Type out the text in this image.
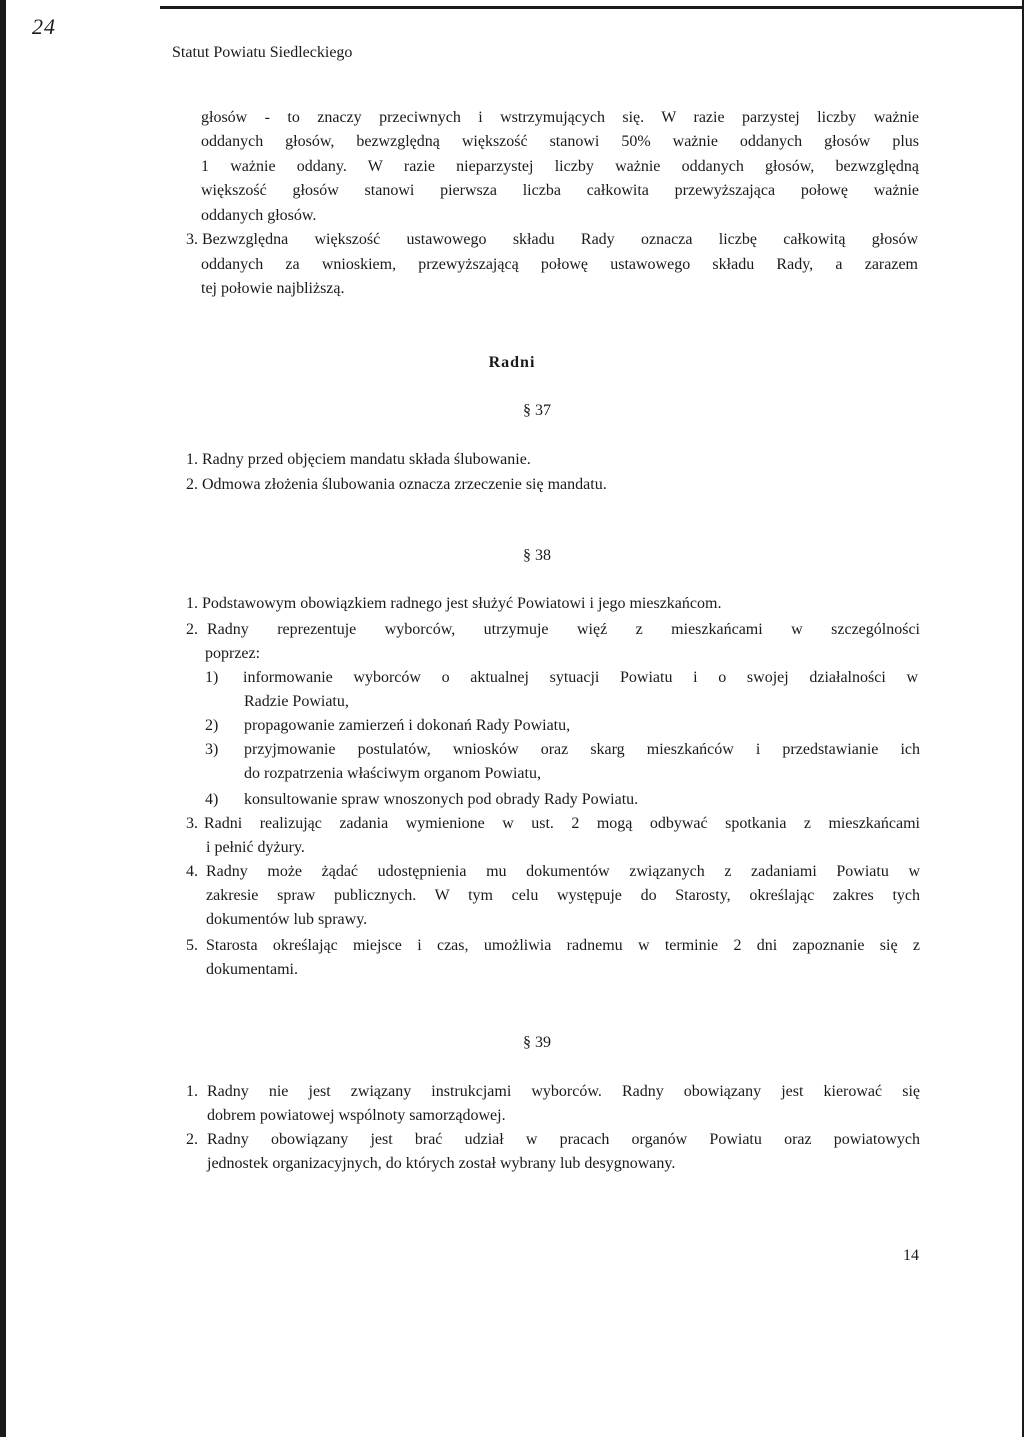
24
Statut Powiatu Siedleckiego
głosów - to znaczy przeciwnych i wstrzymujących się. W razie parzystej liczby ważnie
oddanych głosów, bezwzględną większość stanowi 50% ważnie oddanych głosów plus
1 ważnie oddany. W razie nieparzystej liczby ważnie oddanych głosów, bezwzględną
większość głosów stanowi pierwsza liczba całkowita przewyższająca połowę ważnie
oddanych głosów.
3. Bezwzględna większość ustawowego składu Rady oznacza liczbę całkowitą głosów
oddanych za wnioskiem, przewyższającą połowę ustawowego składu Rady, a zarazem
tej połowie najbliższą.
Radni
§ 37
1. Radny przed objęciem mandatu składa ślubowanie.
2. Odmowa złożenia ślubowania oznacza zrzeczenie się mandatu.
§ 38
1. Podstawowym obowiązkiem radnego jest służyć Powiatowi i jego mieszkańcom.
2. Radny reprezentuje wyborców, utrzymuje więź z mieszkańcami w szczególności
poprzez:
1) informowanie wyborców o aktualnej sytuacji Powiatu i o swojej działalności w
Radzie Powiatu,
2) propagowanie zamierzeń i dokonań Rady Powiatu,
3) przyjmowanie postulatów, wniosków oraz skarg mieszkańców i przedstawianie ich
do rozpatrzenia właściwym organom Powiatu,
4) konsultowanie spraw wnoszonych pod obrady Rady Powiatu.
3. Radni realizując zadania wymienione w ust. 2 mogą odbywać spotkania z mieszkańcami
i pełnić dyżury.
4. Radny może żądać udostępnienia mu dokumentów związanych z zadaniami Powiatu w
zakresie spraw publicznych. W tym celu występuje do Starosty, określając zakres tych
dokumentów lub sprawy.
5. Starosta określając miejsce i czas, umożliwia radnemu w terminie 2 dni zapoznanie się z
dokumentami.
§ 39
1. Radny nie jest związany instrukcjami wyborców. Radny obowiązany jest kierować się
dobrem powiatowej wspólnoty samorządowej.
2. Radny obowiązany jest brać udział w pracach organów Powiatu oraz powiatowych
jednostek organizacyjnych, do których został wybrany lub desygnowany.
14
